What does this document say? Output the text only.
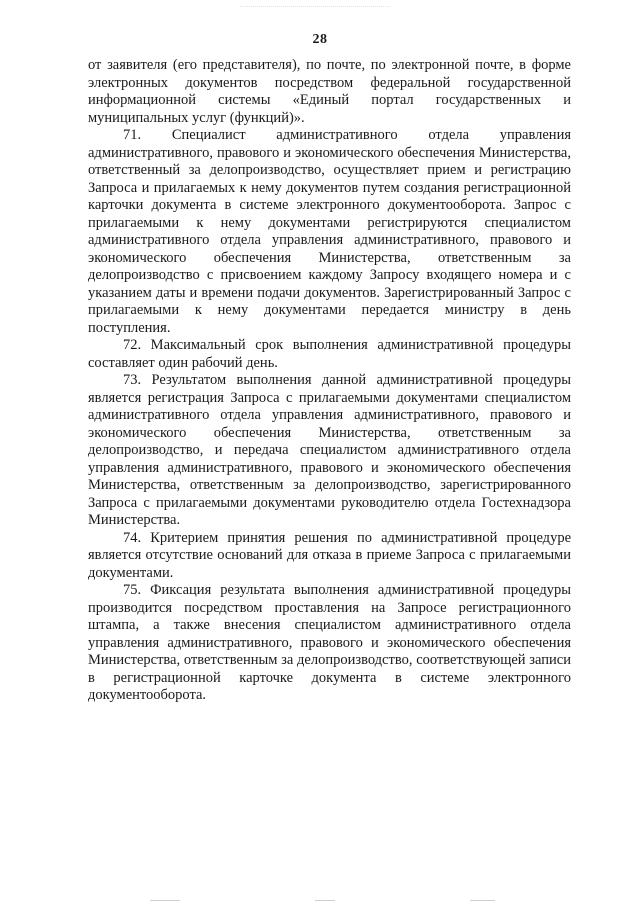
28

от заявителя (его представителя), по почте, по электронной почте, в форме электронных документов посредством федеральной государственной информационной системы «Единый портал государственных и муниципальных услуг (функций)».

71. Специалист административного отдела управления административного, правового и экономического обеспечения Министерства, ответственный за делопроизводство, осуществляет прием и регистрацию Запроса и прилагаемых к нему документов путем создания регистрационной карточки документа в системе электронного документооборота. Запрос с прилагаемыми к нему документами регистрируются специалистом административного отдела управления административного, правового и экономического обеспечения Министерства, ответственным за делопроизводство с присвоением каждому Запросу входящего номера и с указанием даты и времени подачи документов. Зарегистрированный Запрос с прилагаемыми к нему документами передается министру в день поступления.

72. Максимальный срок выполнения административной процедуры составляет один рабочий день.

73. Результатом выполнения данной административной процедуры является регистрация Запроса с прилагаемыми документами специалистом административного отдела управления административного, правового и экономического обеспечения Министерства, ответственным за делопроизводство, и передача специалистом административного отдела управления административного, правового и экономического обеспечения Министерства, ответственным за делопроизводство, зарегистрированного Запроса с прилагаемыми документами руководителю отдела Гостехнадзора Министерства.

74. Критерием принятия решения по административной процедуре является отсутствие оснований для отказа в приеме Запроса с прилагаемыми документами.

75. Фиксация результата выполнения административной процедуры производится посредством проставления на Запросе регистрационного штампа, а также внесения специалистом административного отдела управления административного, правового и экономического обеспечения Министерства, ответственным за делопроизводство, соответствующей записи в регистрационной карточке документа в системе электронного документооборота.
